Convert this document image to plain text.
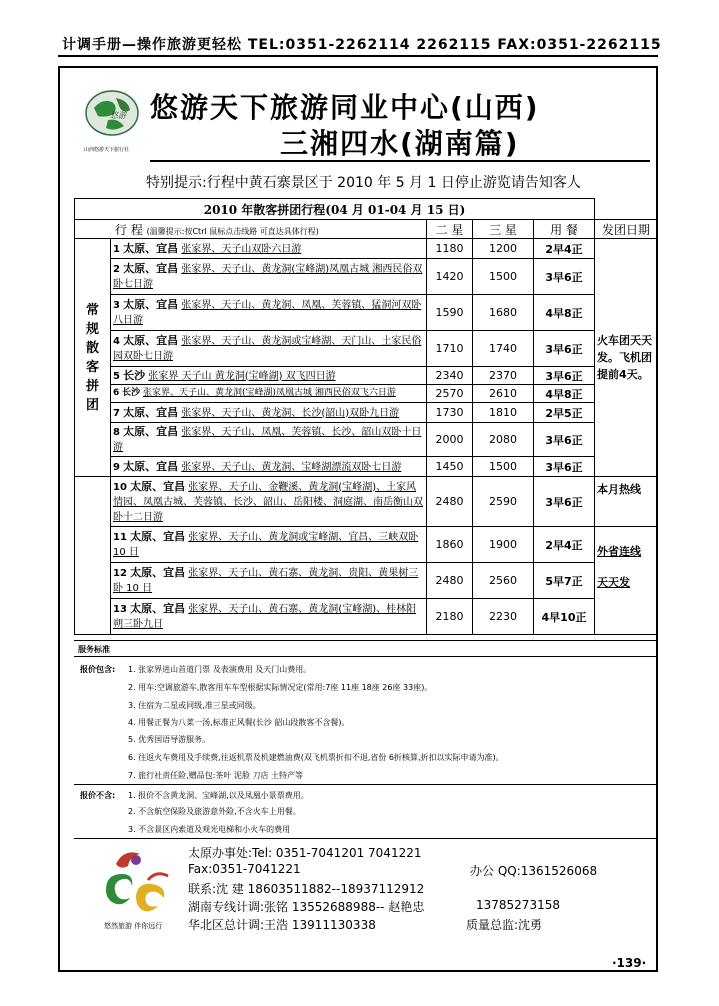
计调手册—操作旅游更轻松 TEL:0351-2262114 2262115 FAX:0351-2262115
悠游
山西悠游天下旅行社
悠游天下旅游同业中心(山西)
三湘四水(湖南篇)
特别提示:行程中黄石寨景区于 2010 年 5 月 1 日停止游览请告知客人
2010 年散客拼团行程(04 月 01-04 月 15 日)					
行 程 (温馨提示:按Ctrl 鼠标点击线路 可直达具体行程)		二 星	三 星	用 餐	发团日期

常规散客拼团	1 太原、宜昌 张家界、天子山双卧六日游	1180	1200	2早4正	火车团天天发。飞机团提前4天。

	2 太原、宜昌 张家界、天子山、黄龙洞(宝峰湖)凤凰古城 湘西民俗双卧七日游	1420	1500	3早6正	
	3 太原、宜昌 张家界、天子山、黄龙洞、凤凰、芙蓉镇、猛洞河双卧八日游	1590	1680	4早8正	
	4 太原、宜昌 张家界、天子山、黄龙洞或宝峰湖、天门山、土家民俗园双卧七日游	1710	1740	3早6正	
	5 长沙 张家界 天子山 黄龙洞(宝峰湖) 双飞四日游	2340	2370	3早6正	
	6 长沙 张家界、天子山、黄龙洞(宝峰湖)凤凰古城 湘西民俗双飞六日游	2570	2610	4早8正	
	7 太原、宜昌 张家界、天子山、黄龙洞、长沙(韶山)双卧九日游	1730	1810	2早5正	
	8 太原、宜昌 张家界、天子山、凤凰、芙蓉镇、长沙、韶山双卧十日游	2000	2080	3早6正	
	9 太原、宜昌 张家界、天子山、黄龙洞、宝峰湖漂流双卧七日游	1450	1500	3早6正	
	10 太原、宜昌 张家界、天子山、金鞭溪、黄龙洞(宝峰湖)、土家风情园、凤凰古城、芙蓉镇、长沙、韶山、岳阳楼、洞庭湖、南岳衡山双卧十二日游	2480	2590	3早6正	本月热线
	11 太原、宜昌 张家界、天子山、黄龙洞或宝峰湖、宜昌、三峡双卧 10 日	1860	1900	2早4正	外省连线
天天发

	12 太原、宜昌 张家界、天子山、黄石寨、黄龙洞、贵阳、黄果树三卧 10 日	2480	2560	5早7正	
	13 太原、宜昌 张家界、天子山、黄石寨、黄龙洞(宝峰湖)、桂林阳朔三卧九日	2180	2230	4早10正	
服务标准
报价包含: 1. 张家界进山首道门票 及表演费用 及天门山费用。
2. 用车:空调旅游车,散客用车车型根据实际情况定(常用:7座 11座 18座 26座 33座)。
3. 住宿为二星或同级,准三星或同级。
4. 用餐正餐为八菜一汤,标准正风餐(长沙 韶山段散客不含餐)。
5. 优秀国语导游服务。
6. 往返火车费用及手续费,往返机票及机建燃油费(双飞机票折扣不退,省份 6折核算,折扣以实际申请为准)。
7. 旅行社责任险,赠品包:茶叶 泥脸 刀店 土特产等
报价不含: 1. 报价不含黄龙洞、宝峰湖,以及凤凰小景票费用。
2. 不含航空保险及旅游意外险,不含火车上用餐。
3. 不含景区内索道及观光电梯和小火车的费用
悠然旅游 伴你远行
太原办事处:Tel: 0351-7041201 7041221
Fax:0351-7041221	办公 QQ:1361526068
联系:沈 建 18603511882--18937112912
湖南专线计调:张铭 13552688988-- 赵艳忠	13785273158
华北区总计调:王浩 13911130338	质量总监:沈勇
·139·
